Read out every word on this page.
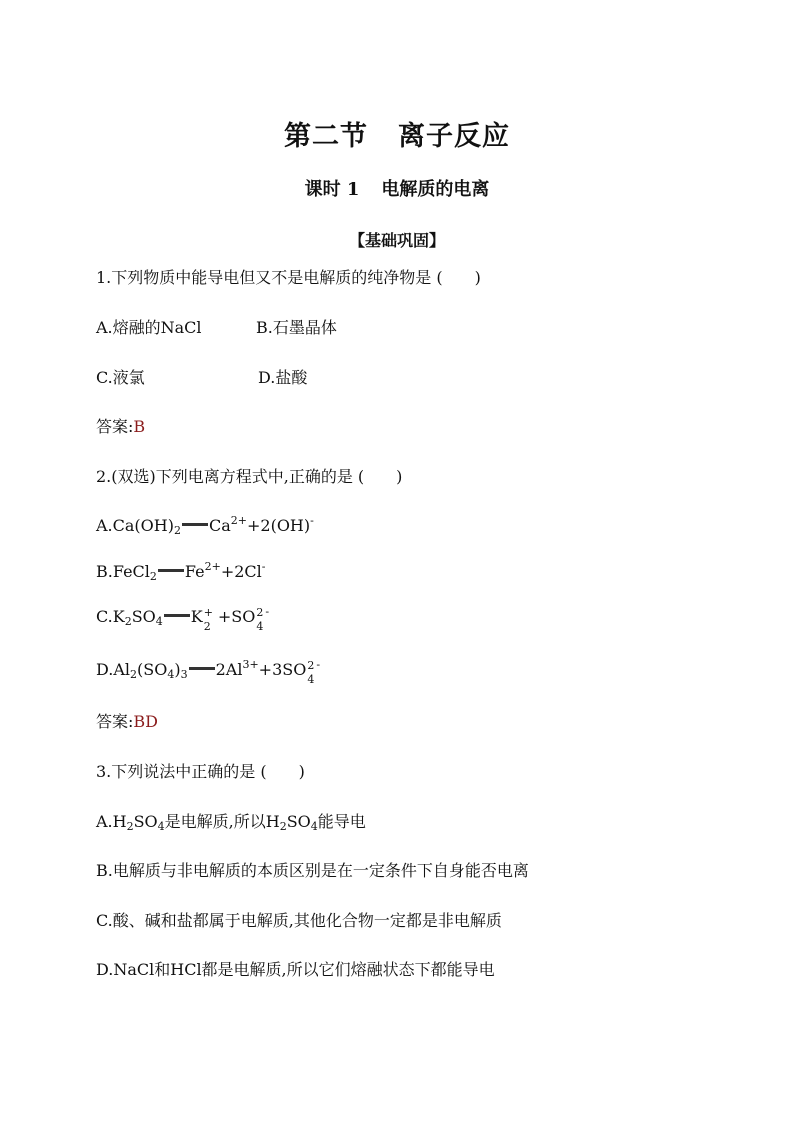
第二节 离子反应
课时 1 电解质的电离
【基础巩固】
1.下列物质中能导电但又不是电解质的纯净物是 (　　)
A.熔融的NaCl	B.石墨晶体
C.液氯	D.盐酸
答案:B
2.(双选)下列电离方程式中,正确的是 (　　)
$A.Ca(OH)_2$ $Ca^{2+}+2(OH)^-$
B.FeCl$_2$ $Fe^{2+}+2Cl^-$
$C.K_2SO_4$ K +
2
+SO 2
4
-
$D.Al_2(SO_4)_3$ $2Al^{3+}+3SO$ 2
4
-
答案:BD
3.下列说法中正确的是 (　　)
$A.H_2SO_4$是电解质,所以$H_2SO_4$能导电
B.电解质与非电解质的本质区别是在一定条件下自身能否电离
C.酸、碱和盐都属于电解质,其他化合物一定都是非电解质
D.NaCl和HCl都是电解质,所以它们熔融状态下都能导电
